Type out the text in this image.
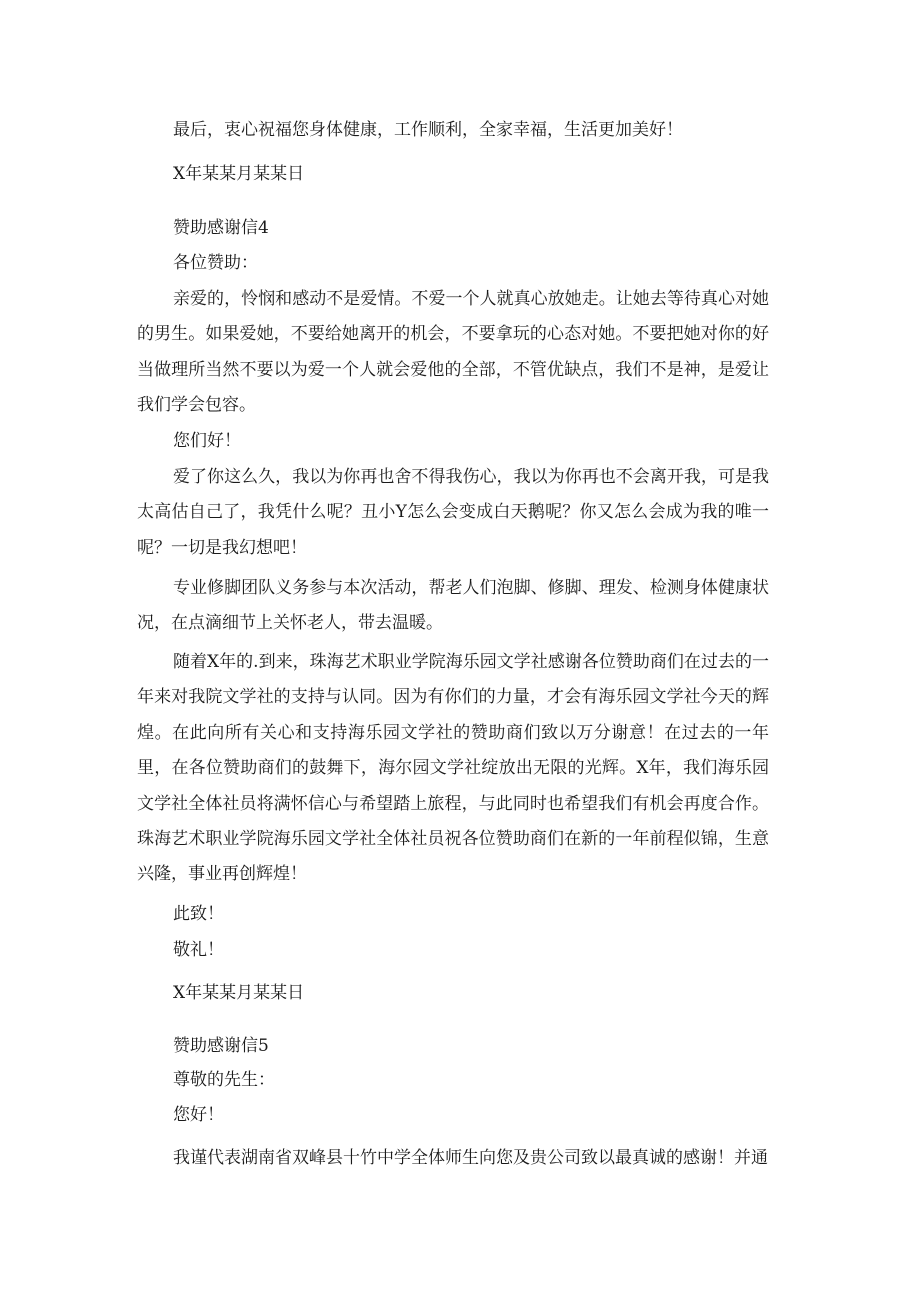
最后，衷心祝福您身体健康，工作顺利，全家幸福，生活更加美好！

X年某某月某某日

赞助感谢信4

各位赞助：

亲爱的，怜悯和感动不是爱情。不爱一个人就真心放她走。让她去等待真心对她的男生。如果爱她，不要给她离开的机会，不要拿玩的心态对她。不要把她对你的好当做理所当然不要以为爱一个人就会爱他的全部，不管优缺点，我们不是神，是爱让我们学会包容。

您们好！

爱了你这么久，我以为你再也舍不得我伤心，我以为你再也不会离开我，可是我太高估自己了，我凭什么呢？丑小Y怎么会变成白天鹅呢？你又怎么会成为我的唯一呢？一切是我幻想吧！

专业修脚团队义务参与本次活动，帮老人们泡脚、修脚、理发、检测身体健康状况，在点滴细节上关怀老人，带去温暖。

随着X年的.到来，珠海艺术职业学院海乐园文学社感谢各位赞助商们在过去的一年来对我院文学社的支持与认同。因为有你们的力量，才会有海乐园文学社今天的辉煌。在此向所有关心和支持海乐园文学社的赞助商们致以万分谢意！在过去的一年里，在各位赞助商们的鼓舞下，海尔园文学社绽放出无限的光辉。X年，我们海乐园文学社全体社员将满怀信心与希望踏上旅程，与此同时也希望我们有机会再度合作。珠海艺术职业学院海乐园文学社全体社员祝各位赞助商们在新的一年前程似锦，生意兴隆，事业再创辉煌！

此致！

敬礼！

X年某某月某某日

赞助感谢信5

尊敬的先生：

您好！

我谨代表湖南省双峰县十竹中学全体师生向您及贵公司致以最真诚的感谢！并通
